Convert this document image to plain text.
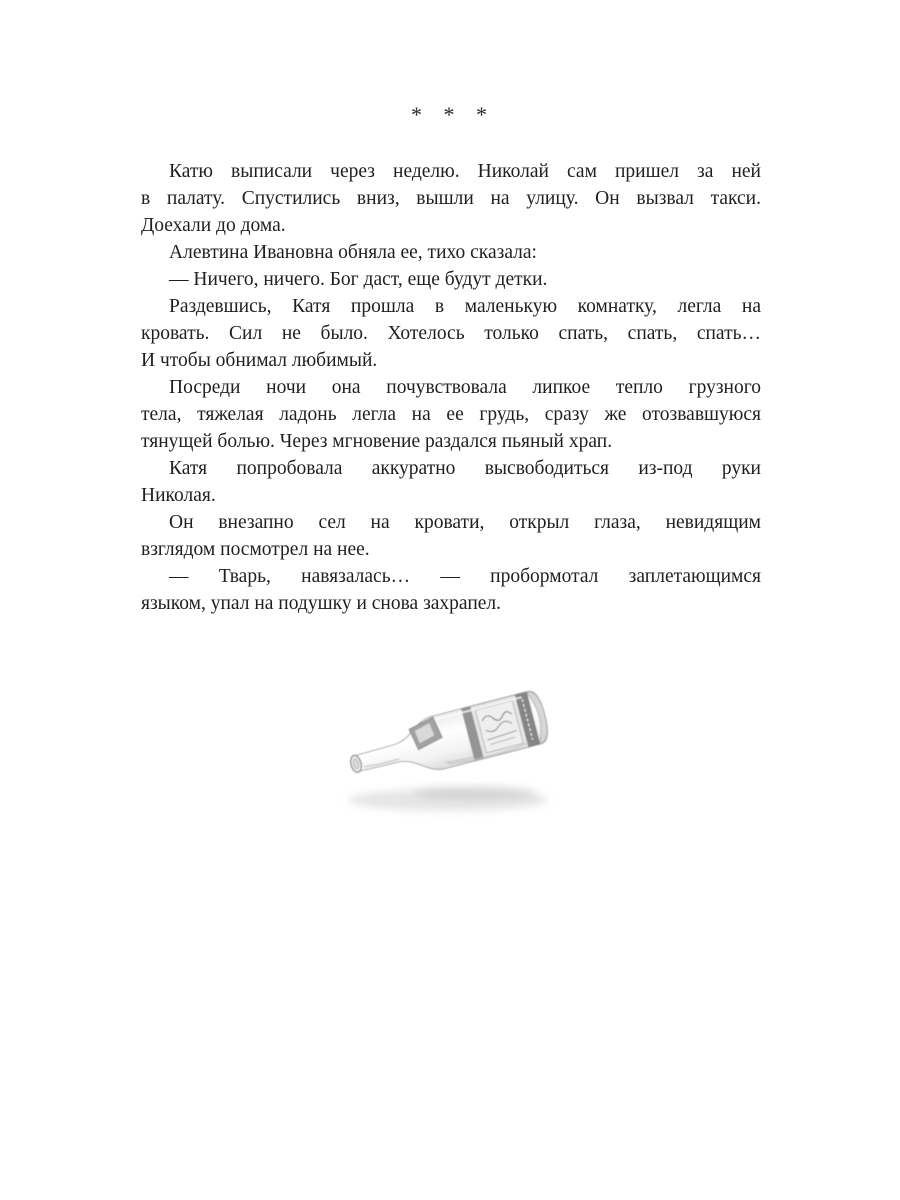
* * *

Катю выписали через неделю. Николай сам пришел за ней
в палату. Спустились вниз, вышли на улицу. Он вызвал такси.
Доехали до дома.

Алевтина Ивановна обняла ее, тихо сказала:

— Ничего, ничего. Бог даст, еще будут детки.

Раздевшись, Катя прошла в маленькую комнатку, легла на
кровать. Сил не было. Хотелось только спать, спать, спать…
И чтобы обнимал любимый.

Посреди ночи она почувствовала липкое тепло грузного
тела, тяжелая ладонь легла на ее грудь, сразу же отозвавшуюся
тянущей болью. Через мгновение раздался пьяный храп.

Катя попробовала аккуратно высвободиться из-под руки
Николая.

Он внезапно сел на кровати, открыл глаза, невидящим
взглядом посмотрел на нее.

— Тварь, навязалась… — пробормотал заплетающимся
языком, упал на подушку и снова захрапел.
